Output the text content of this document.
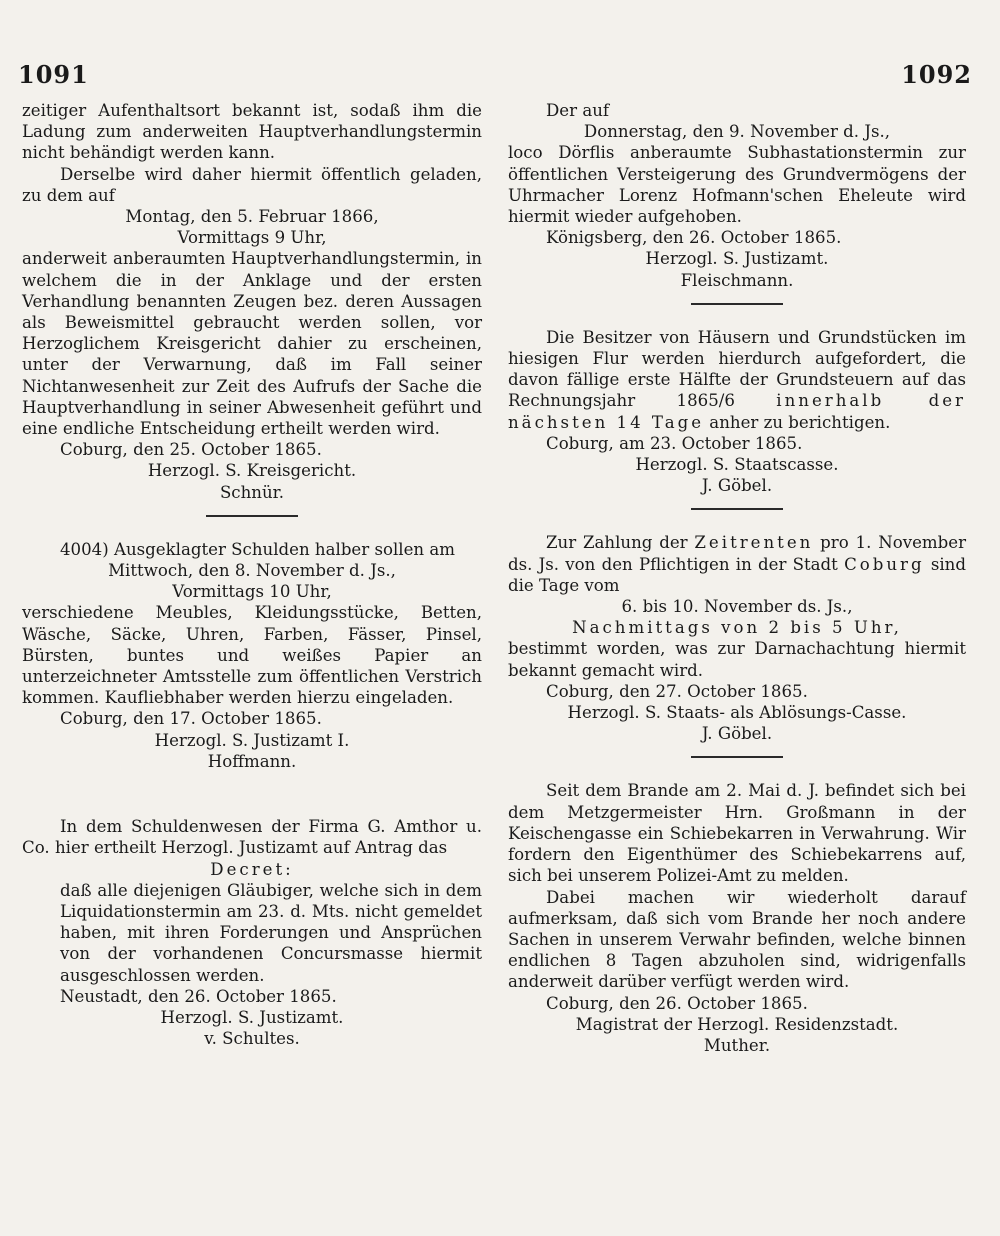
1091	1092

zeitiger Aufenthaltsort bekannt ist, sodaß ihm die Ladung zum anderweiten Hauptverhandlungstermin nicht behändigt werden kann.

Derselbe wird daher hiermit öffentlich geladen, zu dem auf

Montag, den 5. Februar 1866,

Vormittags 9 Uhr,

anderweit anberaumten Hauptverhandlungstermin, in welchem die in der Anklage und der ersten Verhandlung benannten Zeugen bez. deren Aussagen als Beweismittel gebraucht werden sollen, vor Herzoglichem Kreisgericht dahier zu erscheinen, unter der Verwarnung, daß im Fall seiner Nichtanwesenheit zur Zeit des Aufrufs der Sache die Hauptverhandlung in seiner Abwesenheit geführt und eine endliche Entscheidung ertheilt werden wird.

Coburg, den 25. October 1865.

Herzogl. S. Kreisgericht.

Schnür.

4004) Ausgeklagter Schulden halber sollen am

Mittwoch, den 8. November d. Js.,

Vormittags 10 Uhr,

verschiedene Meubles, Kleidungsstücke, Betten, Wäsche, Säcke, Uhren, Farben, Fässer, Pinsel, Bürsten, buntes und weißes Papier an unterzeichneter Amtsstelle zum öffentlichen Verstrich kommen. Kaufliebhaber werden hierzu eingeladen.

Coburg, den 17. October 1865.

Herzogl. S. Justizamt I.

Hoffmann.

In dem Schuldenwesen der Firma G. Amthor u. Co. hier ertheilt Herzogl. Justizamt auf Antrag das

Decret:

daß alle diejenigen Gläubiger, welche sich in dem Liquidationstermin am 23. d. Mts. nicht gemeldet haben, mit ihren Forderungen und Ansprüchen von der vorhandenen Concursmasse hiermit ausgeschlossen werden.

Neustadt, den 26. October 1865.

Herzogl. S. Justizamt.

v. Schultes.

Der auf

Donnerstag, den 9. November d. Js.,

loco Dörflis anberaumte Subhastationstermin zur öffentlichen Versteigerung des Grundvermögens der Uhrmacher Lorenz Hofmann'schen Eheleute wird hiermit wieder aufgehoben.

Königsberg, den 26. October 1865.

Herzogl. S. Justizamt.

Fleischmann.

Die Besitzer von Häusern und Grundstücken im hiesigen Flur werden hierdurch aufgefordert, die davon fällige erste Hälfte der Grundsteuern auf das Rechnungsjahr 1865/6 innerhalb der nächsten 14 Tage anher zu berichtigen.

Coburg, am 23. October 1865.

Herzogl. S. Staatscasse.

J. Göbel.

Zur Zahlung der Zeitrenten pro 1. November ds. Js. von den Pflichtigen in der Stadt Coburg sind die Tage vom

6. bis 10. November ds. Js.,

Nachmittags von 2 bis 5 Uhr,

bestimmt worden, was zur Darnachachtung hiermit bekannt gemacht wird.

Coburg, den 27. October 1865.

Herzogl. S. Staats- als Ablösungs-Casse.

J. Göbel.

Seit dem Brande am 2. Mai d. J. befindet sich bei dem Metzgermeister Hrn. Großmann in der Keischengasse ein Schiebekarren in Verwahrung. Wir fordern den Eigenthümer des Schiebekarrens auf, sich bei unserem Polizei-Amt zu melden.

Dabei machen wir wiederholt darauf aufmerksam, daß sich vom Brande her noch andere Sachen in unserem Verwahr befinden, welche binnen endlichen 8 Tagen abzuholen sind, widrigenfalls anderweit darüber verfügt werden wird.

Coburg, den 26. October 1865.

Magistrat der Herzogl. Residenzstadt.

Muther.
